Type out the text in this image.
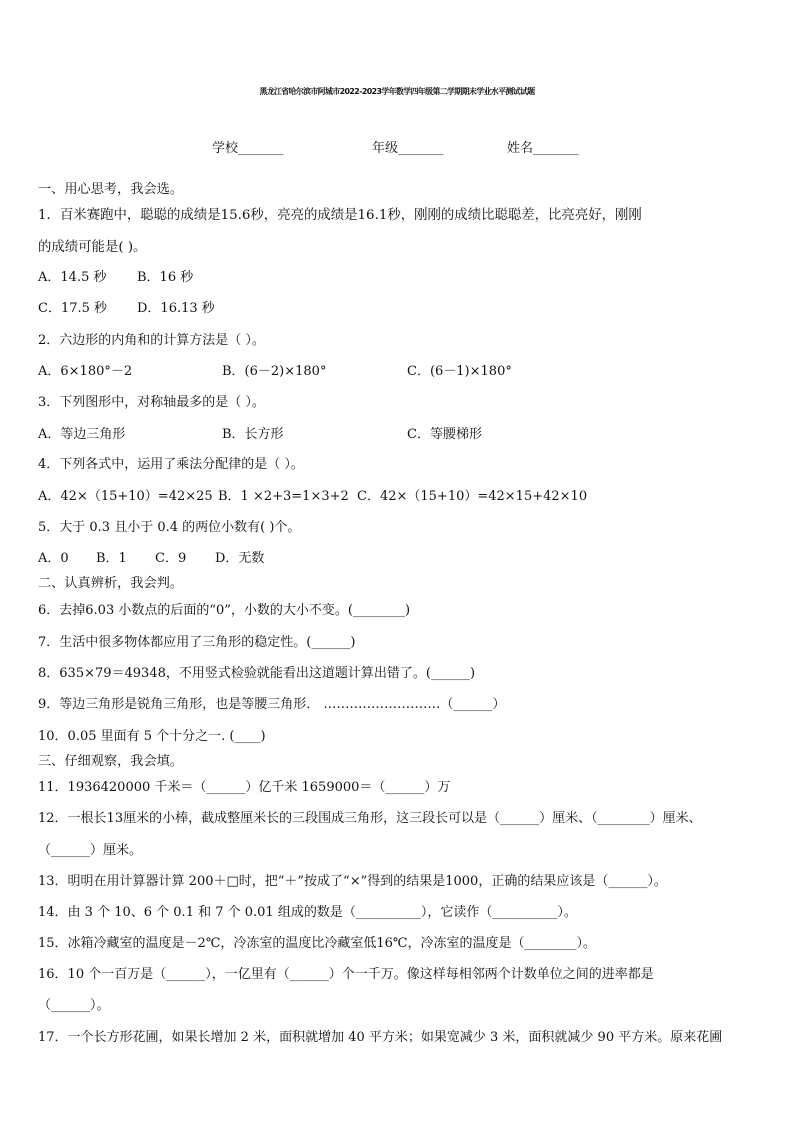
黑龙江省哈尔滨市阿城市2022-2023学年数学四年级第二学期期末学业水平测试试题
学校_______	年级_______	姓名_______
一、用心思考，我会选。
1．百米赛跑中，聪聪的成绩是15.6秒，亮亮的成绩是16.1秒，刚刚的成绩比聪聪差，比亮亮好，刚刚
的成绩可能是( )。
A．14.5 秒 B．16 秒
C．17.5 秒 D．16.13 秒
2．六边形的内角和的计算方法是（ ）。
A．6×180°－2	B．(6－2)×180°	C．(6－1)×180°
3．下列图形中，对称轴最多的是（ ）。
A．等边三角形	B．长方形	C．等腰梯形
4．下列各式中，运用了乘法分配律的是（ ）。
A．42×（15+10）=42×25 B．1 ×2+3=1×3+2 C．42×（15+10）=42×15+42×10
5．大于 0.3 且小于 0.4 的两位小数有( )个。
A．0 B．1 C．9 D．无数
二、认真辨析，我会判。
6．去掉6.03 小数点的后面的“0”，小数的大小不变。(________)
7．生活中很多物体都应用了三角形的稳定性。(______)
8．635×79＝49348，不用竖式检验就能看出这道题计算出错了。(______)
9．等边三角形是锐角三角形，也是等腰三角形． ………………………（______）
10．0.05 里面有 5 个十分之一. (____)
三、仔细观察，我会填。
11．1936420000 千米＝（______）亿千米 1659000＝（______）万
12．一根长13厘米的小棒，截成整厘米长的三段围成三角形，这三段长可以是（______）厘米、（________）厘米、
（______）厘米。
13．明明在用计算器计算 200＋□时，把“＋”按成了“×”得到的结果是1000，正确的结果应该是（______）。
14．由 3 个 10、6 个 0.1 和 7 个 0.01 组成的数是（__________），它读作（__________）。
15．冰箱冷藏室的温度是－2℃，冷冻室的温度比冷藏室低16℃，冷冻室的温度是（________）。
16．10 个一百万是（______），一亿里有（______）个一千万。像这样每相邻两个计数单位之间的进率都是
（______）。
17．一个长方形花圃，如果长增加 2 米，面积就增加 40 平方米；如果宽减少 3 米，面积就减少 90 平方米。原来花圃
